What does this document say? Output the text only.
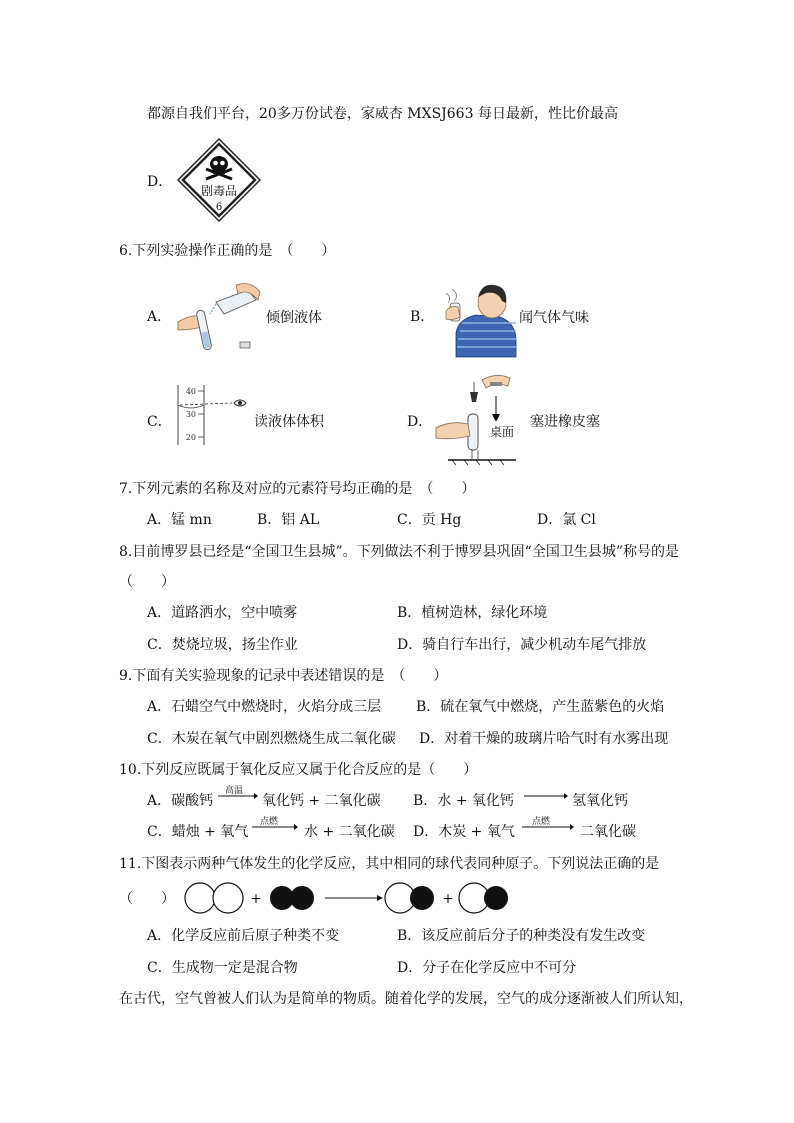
都源自我们平台，20多万份试卷，家威杏 MXSJ663 每日最新，性比价最高
D．
剧毒品
6
6.下列实验操作正确的是　（　　）
A．	倾倒液体	B．	闻气体气味
C．
40
30
20
读液体体积	D．
桌面
塞进橡皮塞
7.下列元素的名称及对应的元素符号均正确的是　（　　）
A．锰 mn	B．铝 AL	C．贡 Hg	D．氯 Cl
8.目前博罗县已经是“全国卫生县城”。下列做法不利于博罗县巩固“全国卫生县城”称号的是
（　　）
A．道路洒水，空中喷雾	B．植树造林，绿化环境
C．焚烧垃圾，扬尘作业	D．骑自行车出行，减少机动车尾气排放
9.下面有关实验现象的记录中表述错误的是　（　　）
A．石蜡空气中燃烧时，火焰分成三层 B．硫在氧气中燃烧，产生蓝紫色的火焰
C．木炭在氧气中剧烈燃烧生成二氧化碳 D．对着干燥的玻璃片哈气时有水雾出现
10.下列反应既属于氧化反应又属于化合反应的是（　　）
A．碳酸钙
高温
氧化钙 + 二氧化碳 B．水 + 氧化钙	氢氧化钙
C．蜡烛 + 氧气
点燃
水 + 二氧化碳 D．木炭 + 氧气
点燃
二氧化碳
11.下图表示两种气体发生的化学反应，其中相同的球代表同种原子。下列说法正确的是
（　　）	+	+
A．化学反应前后原子种类不变	B．该反应前后分子的种类没有发生改变
C．生成物一定是混合物	D．分子在化学反应中不可分
在古代，空气曾被人们认为是简单的物质。随着化学的发展，空气的成分逐渐被人们所认知，
